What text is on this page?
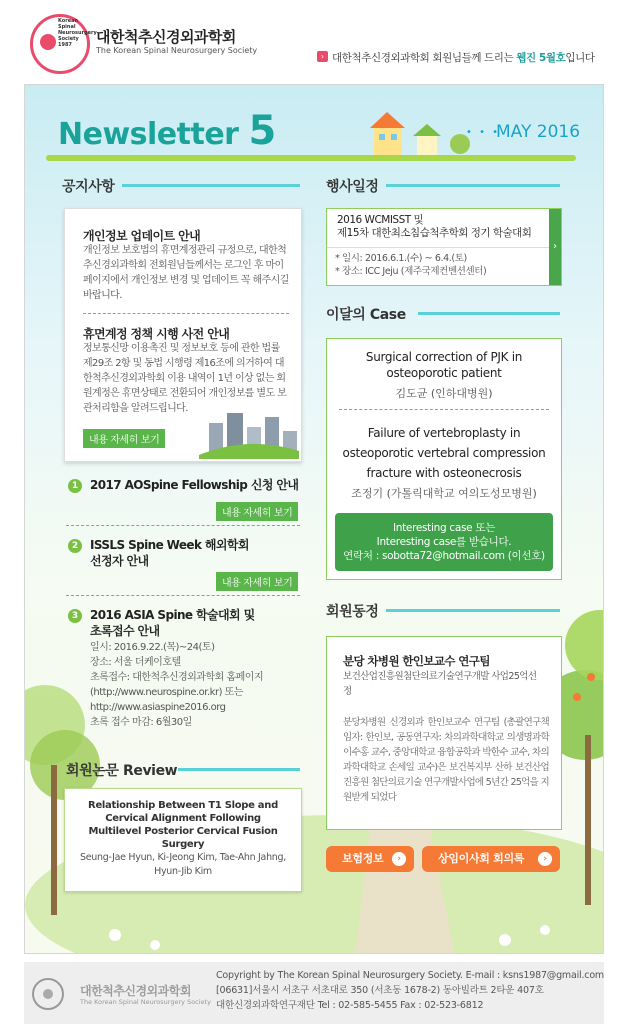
Korean
Spinal
Neurosurgery
Society
1987	대한척추신경외과학회
The Korean Spinal Neurosurgery Society
› 대한척추신경외과학회 회원님들께 드리는 웹진 5월호입니다
Newsletter 5	• • •
MAY 2016
공지사항
개인정보 업데이트 안내
개인정보 보호법의 휴면계정관리 규정으로, 대한척추신경외과학회 전회원님들께서는 로그인 후 마이페이지에서 개인정보 변경 및 업데이트 꼭 해주시길 바랍니다.
휴면계정 정책 시행 사전 안내
정보통신망 이용촉진 및 정보보호 등에 관한 법률 제29조 2항 및 동법 시행령 제16조에 의거하여 대한척추신경외과학회 이용 내역이 1년 이상 없는 회원계정은 휴면상태로 전환되어 개인정보를 별도 보관처리함을 알려드립니다.
내용 자세히 보기
1 2017 AOSpine Fellowship 신청 안내
내용 자세히 보기
2 ISSLS Spine Week 해외학회 선정자 안내
내용 자세히 보기
3 2016 ASIA Spine 학술대회 및 초록접수 안내
일시: 2016.9.22.(목)~24(토)
장소: 서울 더케이호텔
초록접수: 대한척추신경외과학회 홈페이지
(http://www.neurospine.or.kr) 또는
http://www.asiaspine2016.org
초록 접수 마감: 6월30일
회원논문 Review
Relationship Between T1 Slope and Cervical Alignment Following Multilevel Posterior Cervical Fusion Surgery
Seung-Jae Hyun, Ki-Jeong Kim, Tae-Ahn Jahng, Hyun-Jib Kim
행사일정
2016 WCMISST 및
제15차 대한최소침습척추학회 정기 학술대회
* 일시: 2016.6.1.(수) ~ 6.4.(토)
* 장소: ICC Jeju (제주국제컨벤션센터)
›
이달의 Case
Surgical correction of PJK in osteoporotic patient
김도균 (인하대병원)
Failure of vertebroplasty in osteoporotic vertebral compression fracture with osteonecrosis
조정기 (가톨릭대학교 여의도성모병원)
Interesting case 또는
Interesting case를 받습니다.
연락처 : sobotta72@hotmail.com (이선호)
회원동정
분당 차병원 한인보교수 연구팀
보건산업진흥원첨단의료기술연구개발 사업25억선정
분당차병원 신경외과 한인보교수 연구팀 (총괄연구책임자: 한인보, 공동연구자: 차의과학대학교 의생명과학 이수홍 교수, 중앙대학교 융합공학과 박한수 교수, 차의과학대학교 손세일 교수)은 보건복지부 산하 보건산업진흥원 첨단의료기술 연구개발사업에 5년간 25억을 지원받게 되었다
보험정보	›	상임이사회 회의록	›
대한척추신경외과학회
The Korean Spinal Neurosurgery Society
Copyright by The Korean Spinal Neurosurgery Society. E-mail : ksns1987@gmail.com
[06631]서울시 서초구 서초대로 350 (서초동 1678-2) 동아빌라트 2타운 407호
대한신경외과학연구재단 Tel : 02-585-5455 Fax : 02-523-6812
